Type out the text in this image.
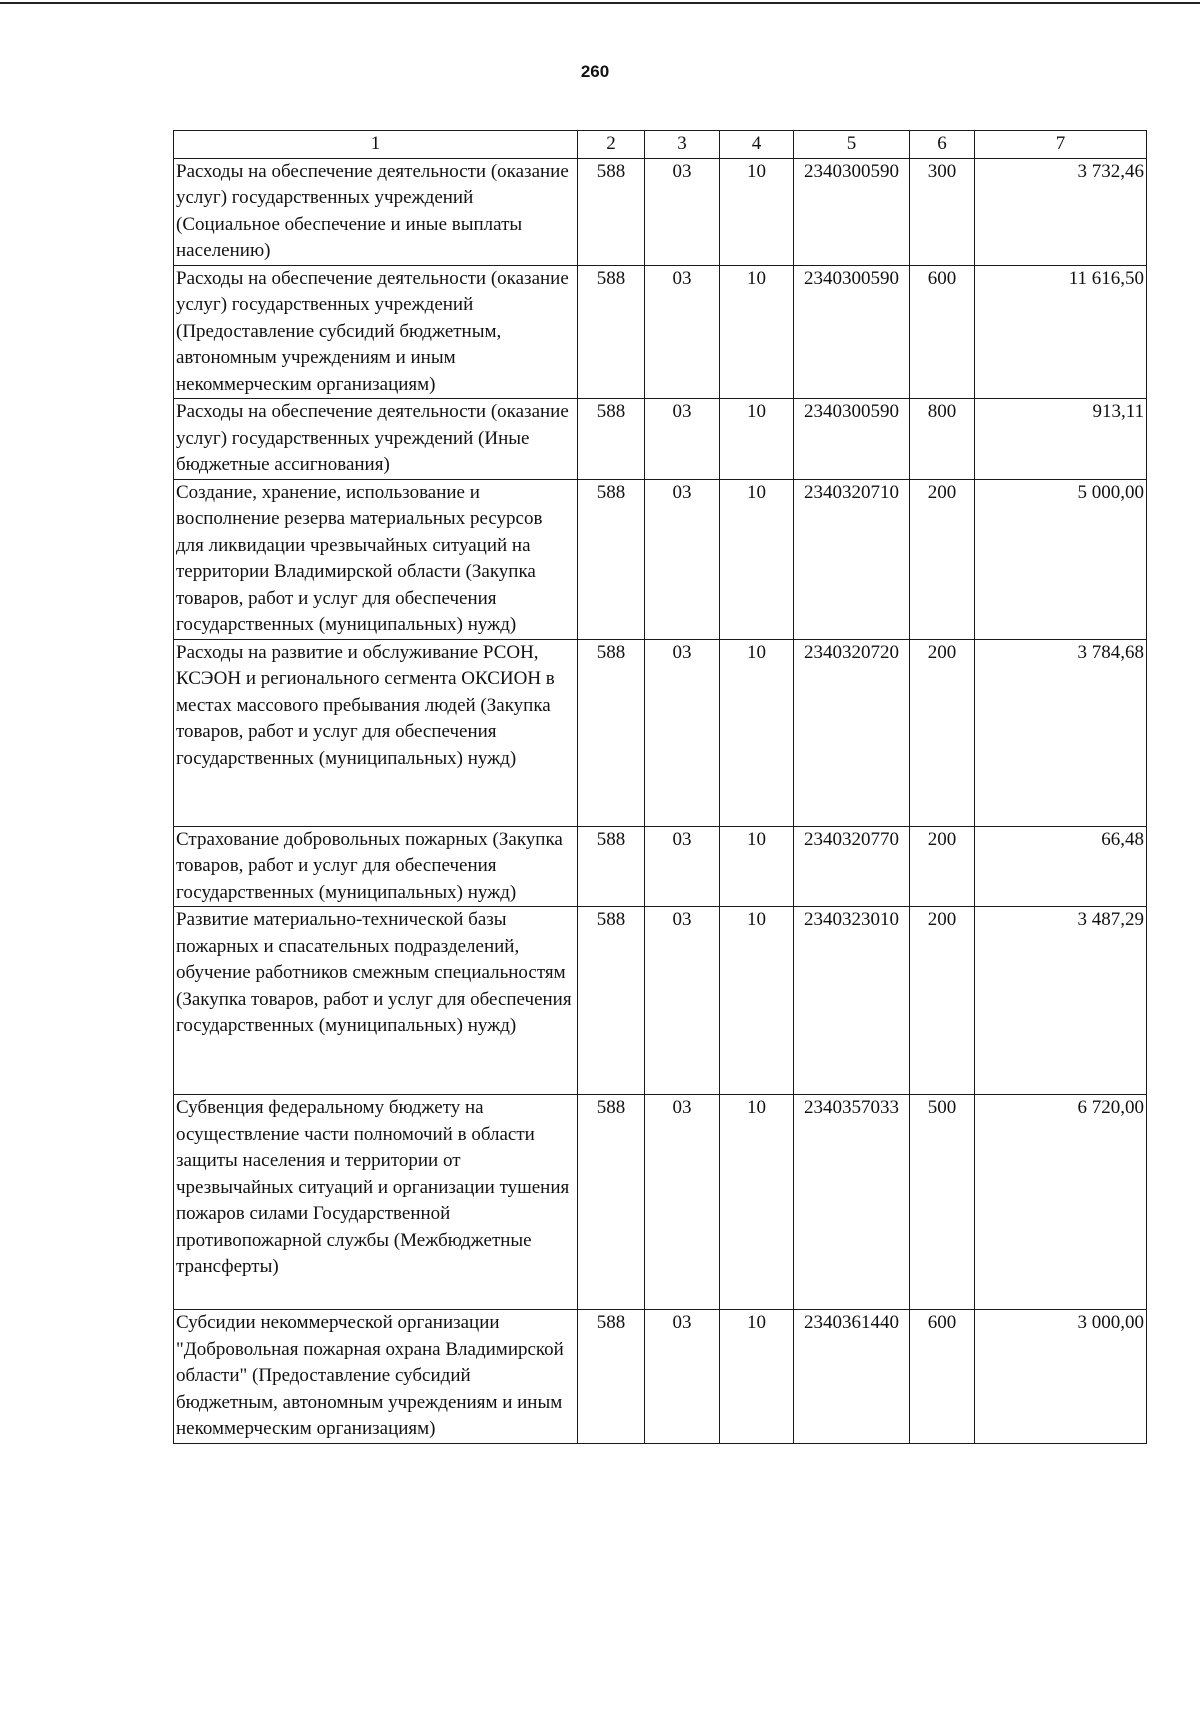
260
1	2	3	4	5	6	7
Расходы на обеспечение деятельности (оказание услуг) государственных учреждений (Социальное обеспечение и иные выплаты населению)	588	03	10	2340300590	300	3 732,46
Расходы на обеспечение деятельности (оказание услуг) государственных учреждений (Предоставление субсидий бюджетным, автономным учреждениям и иным некоммерческим организациям)	588	03	10	2340300590	600	11 616,50
Расходы на обеспечение деятельности (оказание услуг) государственных учреждений (Иные бюджетные ассигнования)	588	03	10	2340300590	800	913,11
Создание, хранение, использование и восполнение резерва материальных ресурсов для ликвидации чрезвычайных ситуаций на территории Владимирской области (Закупка товаров, работ и услуг для обеспечения государственных (муниципальных) нужд)	588	03	10	2340320710	200	5 000,00
Расходы на развитие и обслуживание РСОН, КСЭОН и регионального сегмента ОКСИОН в местах массового пребывания людей (Закупка товаров, работ и услуг для обеспечения государственных (муниципальных) нужд)	588	03	10	2340320720	200	3 784,68
Страхование добровольных пожарных (Закупка товаров, работ и услуг для обеспечения государственных (муниципальных) нужд)	588	03	10	2340320770	200	66,48
Развитие материально-технической базы пожарных и спасательных подразделений, обучение работников смежным специальностям (Закупка товаров, работ и услуг для обеспечения государственных (муниципальных) нужд)	588	03	10	2340323010	200	3 487,29
Субвенция федеральному бюджету на осуществление части полномочий в области защиты населения и территории от чрезвычайных ситуаций и организации тушения пожаров силами Государственной противопожарной службы (Межбюджетные трансферты)	588	03	10	2340357033	500	6 720,00
Субсидии некоммерческой организации "Добровольная пожарная охрана Владимирской области" (Предоставление субсидий бюджетным, автономным учреждениям и иным некоммерческим организациям)	588	03	10	2340361440	600	3 000,00
